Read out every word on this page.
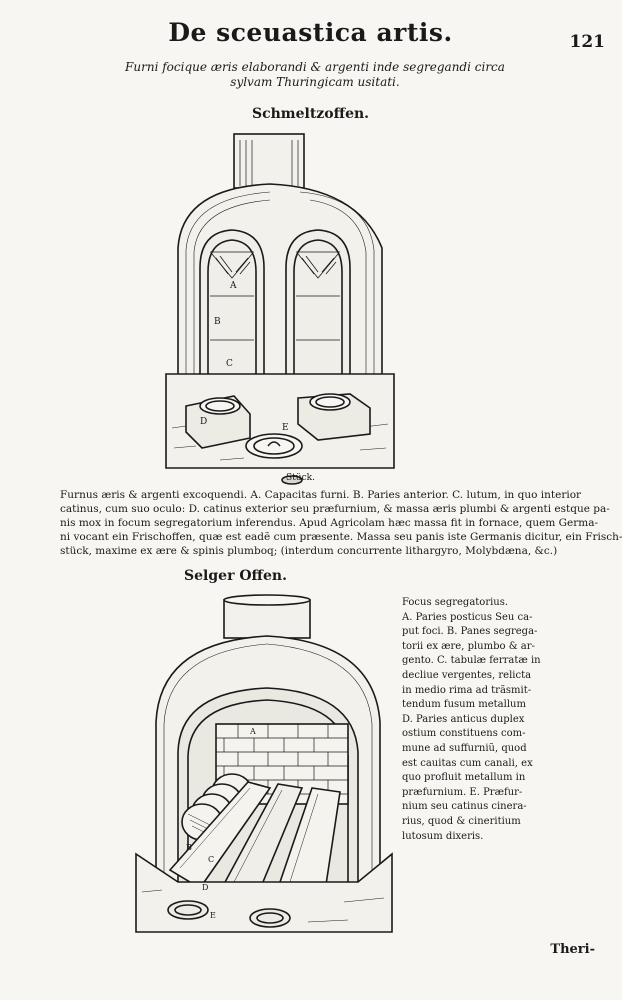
De sceuastica artis.	121
Furni focique æris elaborandi & argenti inde segregandi circa
sylvam Thuringicam usitati.
Schmeltzoffen.
A
B
C
D
E
Stück.
Furnus æris & argenti excoquendi. A. Capacitas furni. B. Paries anterior. C. lutum, in quo interior
catinus, cum suo oculo: D. catinus exterior seu præfurnium, & massa æris plumbi & argenti estque pa-
nis mox in focum segregatorium inferendus. Apud Agricolam hæc massa fit in fornace, quem Germa-
ni vocant ein Frischoffen, quæ est eadẽ cum præsente. Massa seu panis iste Germanis dicitur, ein Frisch-
stück, maxime ex ære & spinis plumboq; (interdum concurrente lithargyro, Molybdæna, &c.)
Selger Offen.
A
B
C
D
E
Focus segregatorius.
A. Paries posticus Seu ca-
put foci. B. Panes segrega-
torii ex ære, plumbo & ar-
gento. C. tabulæ ferratæ in
decliue vergentes, relicta
in medio rima ad trãsmit-
tendum fusum metallum
D. Paries anticus duplex
ostium constituens com-
mune ad suffurniũ, quod
est cauitas cum canali, ex
quo profluit metallum in
præfurnium. E. Præfur-
nium seu catinus cinera-
rius, quod & cineritium
lutosum dixeris.
Theri-
